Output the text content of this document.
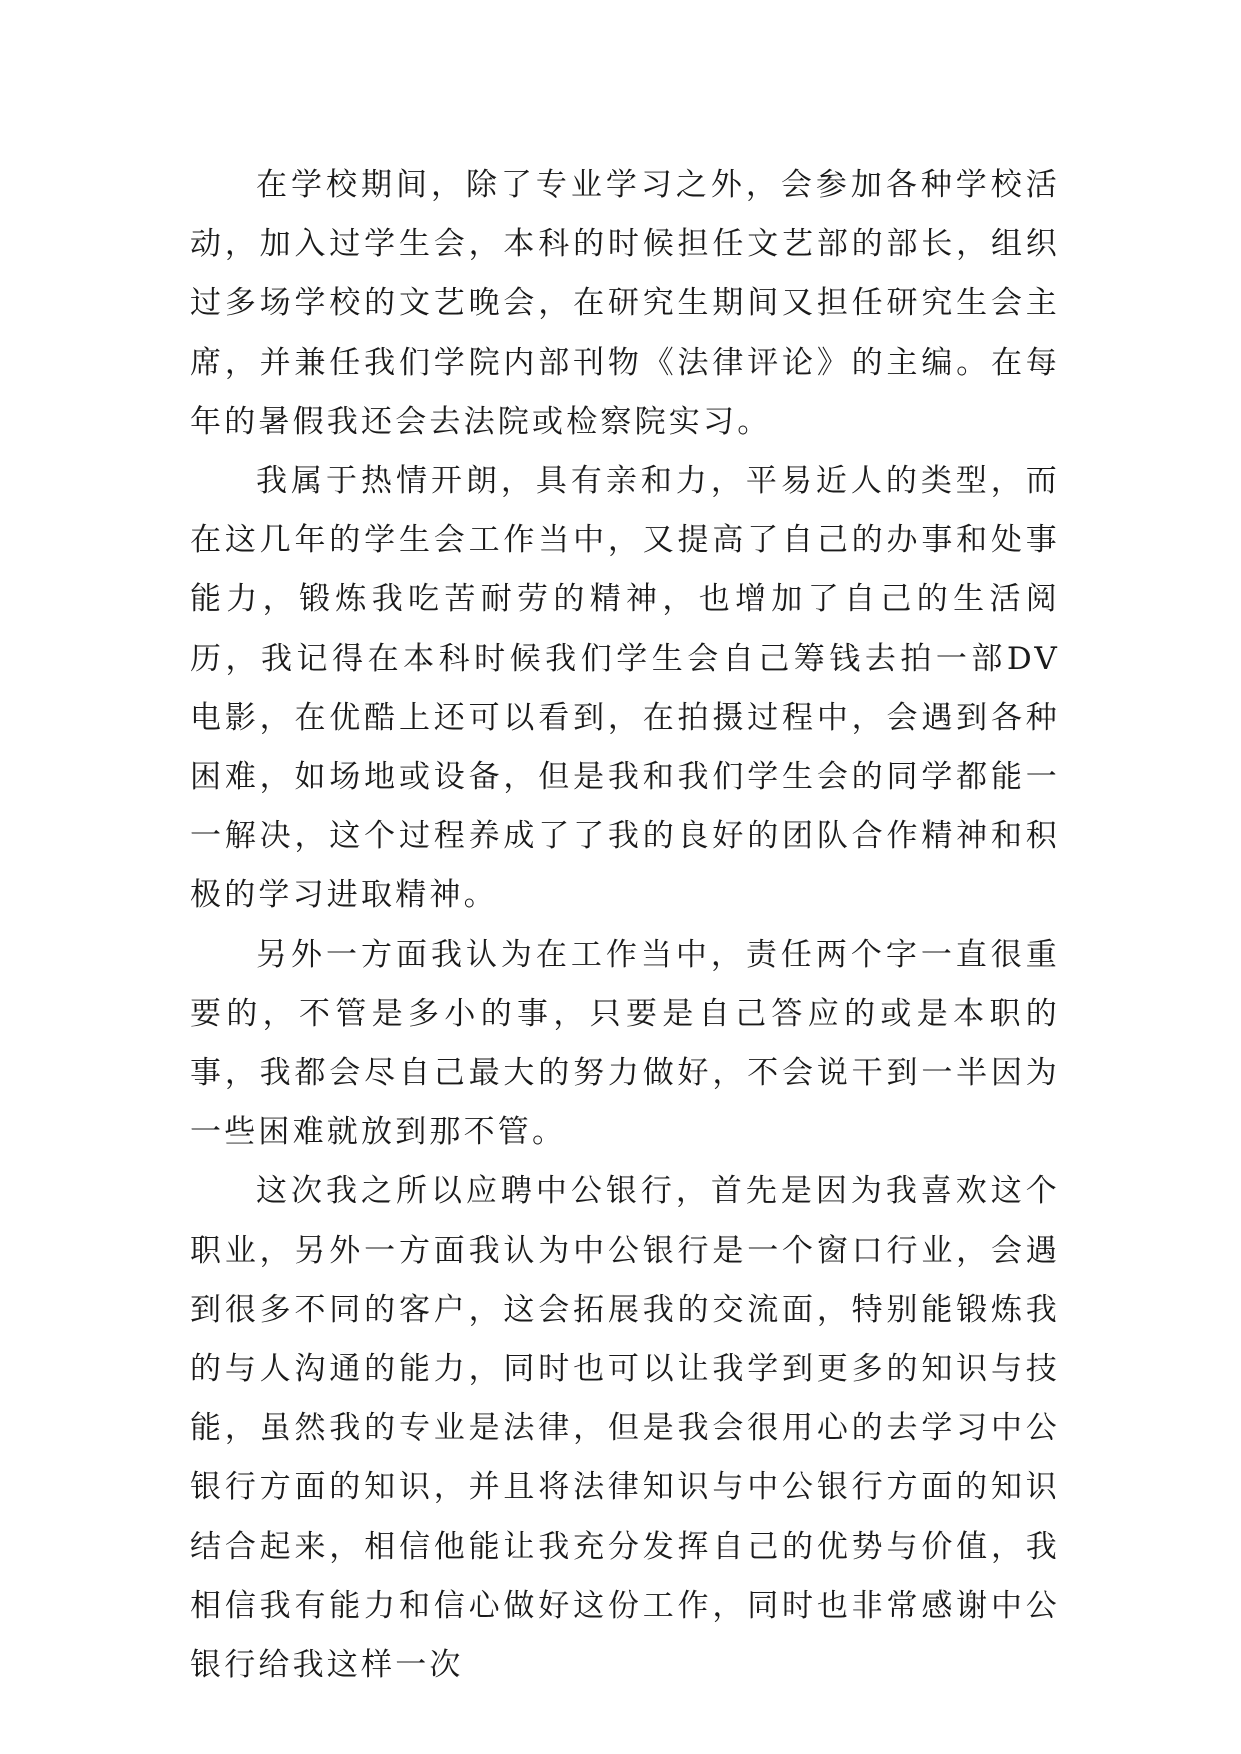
在学校期间，除了专业学习之外，会参加各种学校活动，加入过学生会，本科的时候担任文艺部的部长，组织过多场学校的文艺晚会，在研究生期间又担任研究生会主席，并兼任我们学院内部刊物《法律评论》的主编。在每年的暑假我还会去法院或检察院实习。

我属于热情开朗，具有亲和力，平易近人的类型，而在这几年的学生会工作当中，又提高了自己的办事和处事能力，锻炼我吃苦耐劳的精神，也增加了自己的生活阅历，我记得在本科时候我们学生会自己筹钱去拍一部DV电影，在优酷上还可以看到，在拍摄过程中，会遇到各种困难，如场地或设备，但是我和我们学生会的同学都能一一解决，这个过程养成了了我的良好的团队合作精神和积极的学习进取精神。

另外一方面我认为在工作当中，责任两个字一直很重要的，不管是多小的事，只要是自己答应的或是本职的事，我都会尽自己最大的努力做好，不会说干到一半因为一些困难就放到那不管。

这次我之所以应聘中公银行，首先是因为我喜欢这个职业，另外一方面我认为中公银行是一个窗口行业，会遇到很多不同的客户，这会拓展我的交流面，特别能锻炼我的与人沟通的能力，同时也可以让我学到更多的知识与技能，虽然我的专业是法律，但是我会很用心的去学习中公银行方面的知识，并且将法律知识与中公银行方面的知识结合起来，相信他能让我充分发挥自己的优势与价值，我相信我有能力和信心做好这份工作，同时也非常感谢中公银行给我这样一次
